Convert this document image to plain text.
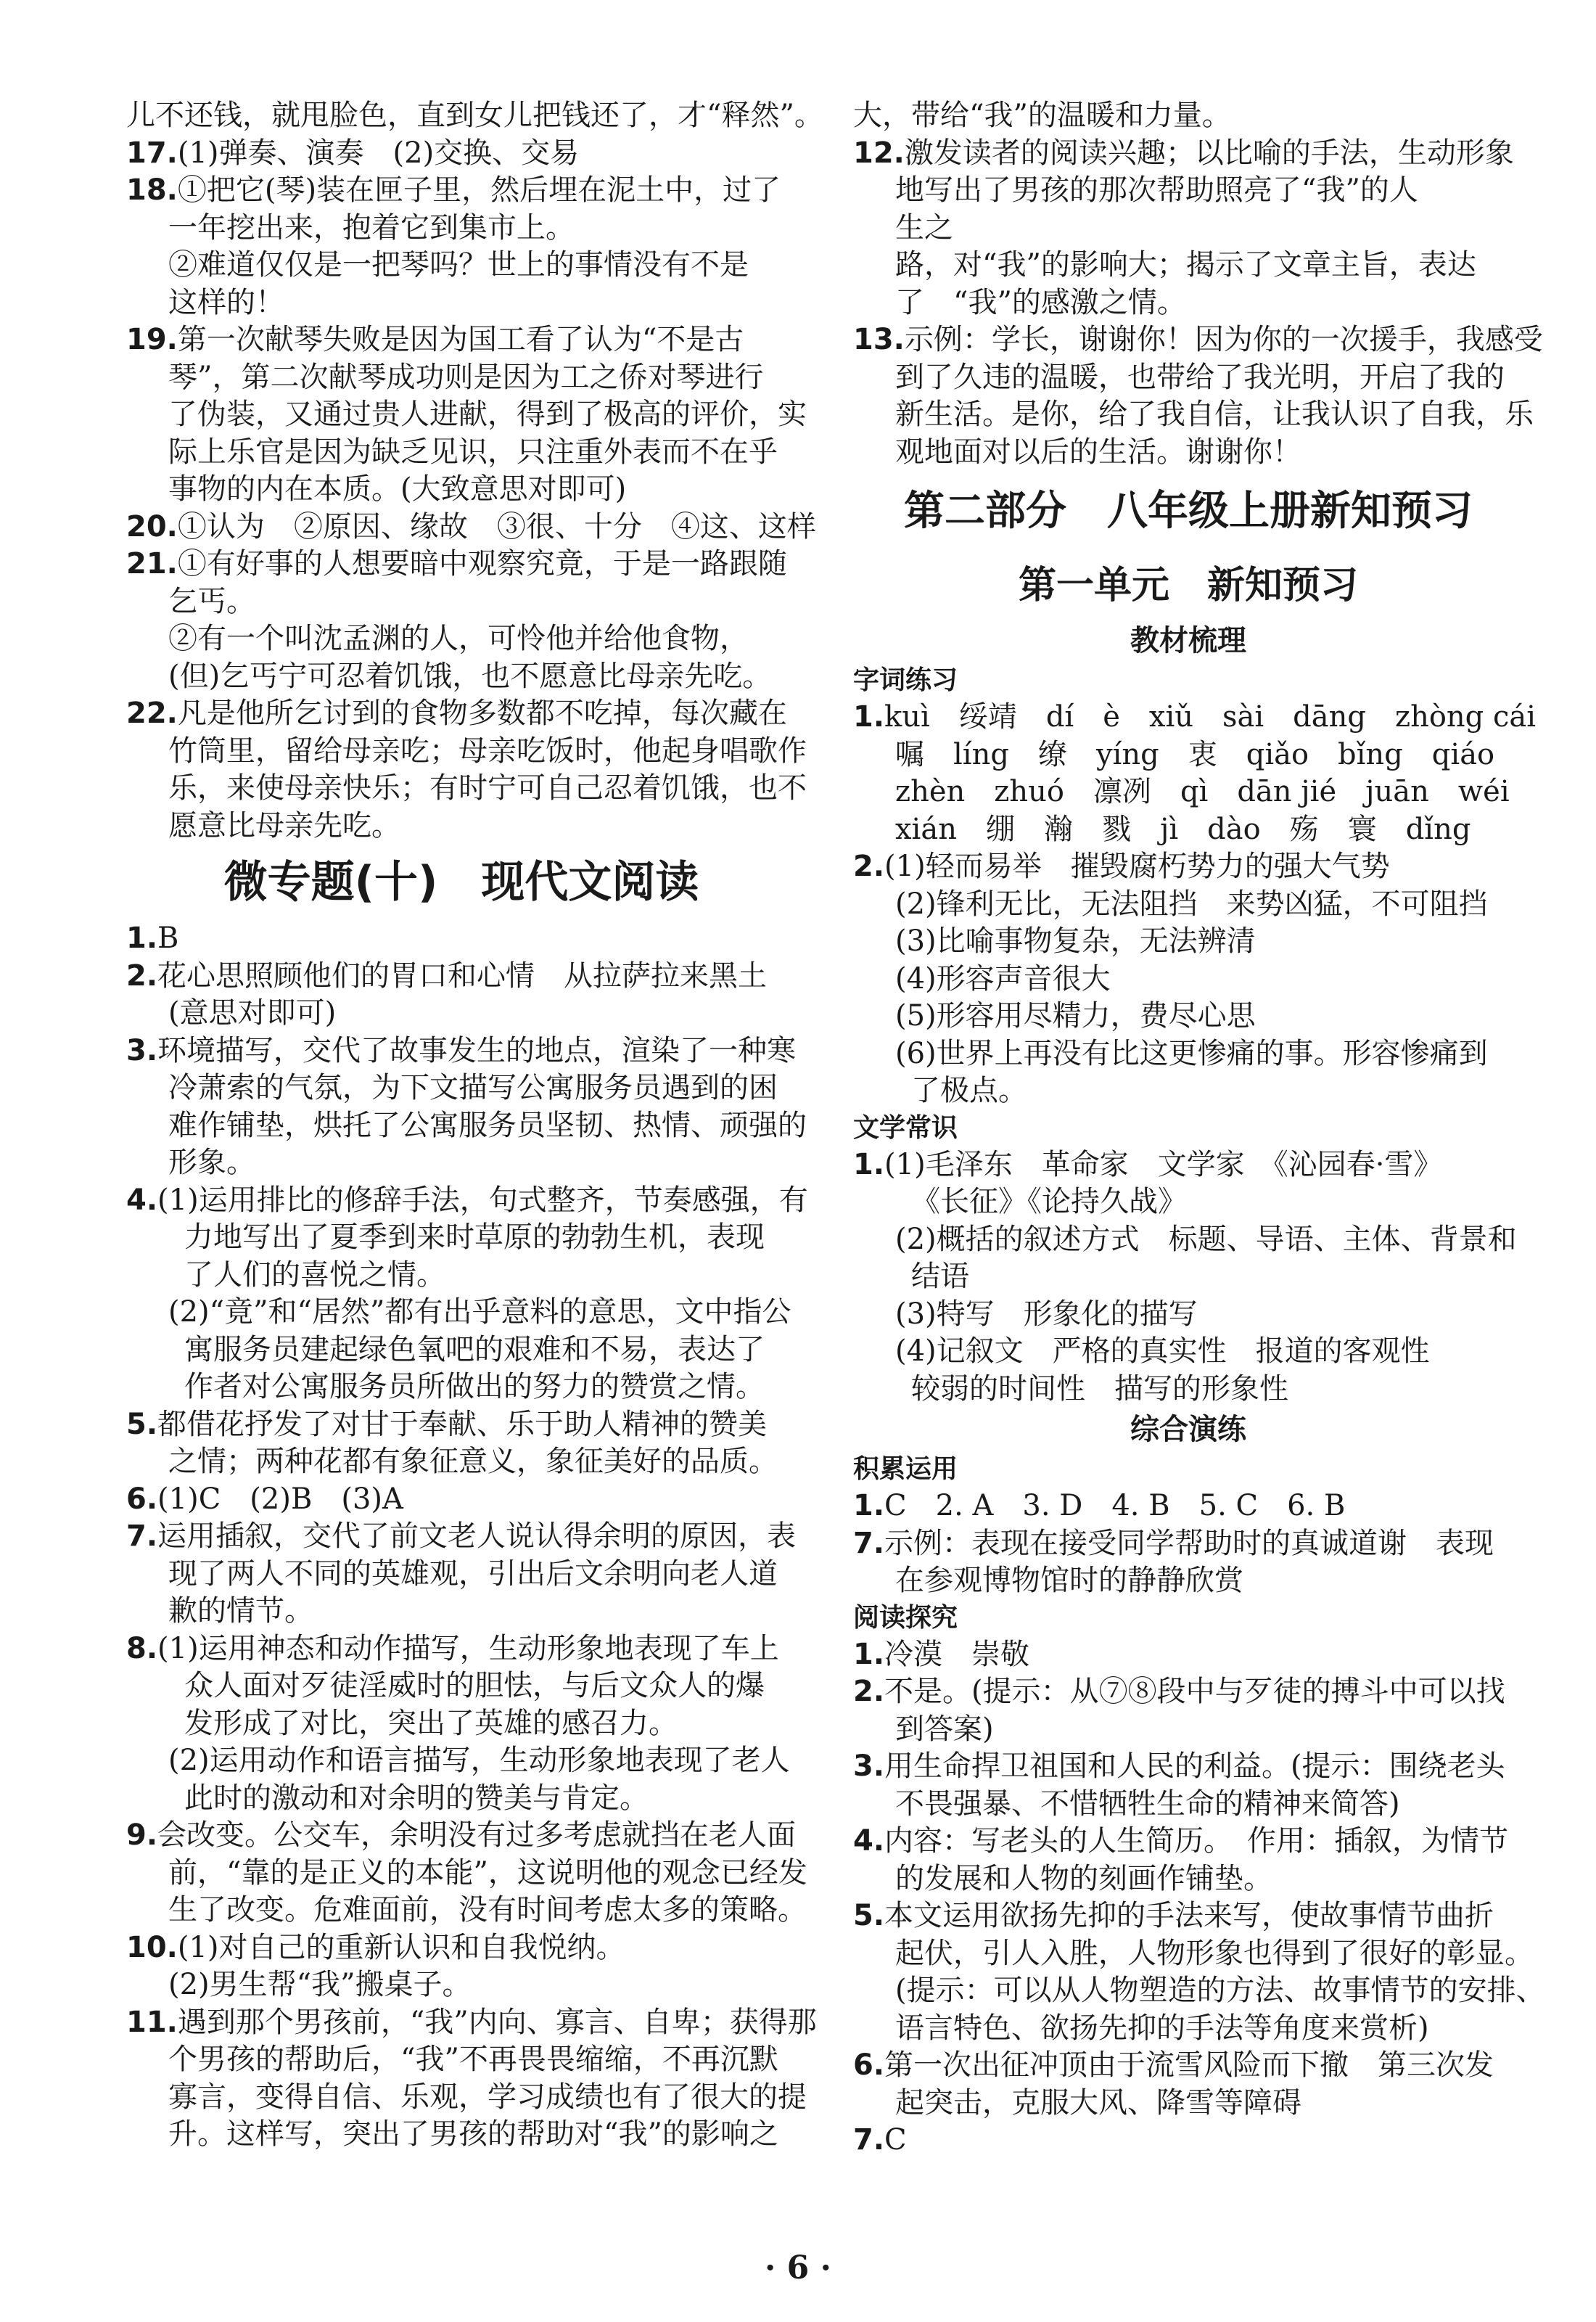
儿不还钱，就甩脸色，直到女儿把钱还了，才“释然”。
17.(1)弹奏、演奏　(2)交换、交易
18.①把它(琴)装在匣子里，然后埋在泥土中，过了
一年挖出来，抱着它到集市上。
②难道仅仅是一把琴吗？世上的事情没有不是
这样的！
19.第一次献琴失败是因为国工看了认为“不是古
琴”，第二次献琴成功则是因为工之侨对琴进行
了伪装，又通过贵人进献，得到了极高的评价，实
际上乐官是因为缺乏见识，只注重外表而不在乎
事物的内在本质。(大致意思对即可)
20.①认为　②原因、缘故　③很、十分　④这、这样
21.①有好事的人想要暗中观察究竟，于是一路跟随
乞丐。
②有一个叫沈孟渊的人，可怜他并给他食物，
(但)乞丐宁可忍着饥饿，也不愿意比母亲先吃。
22.凡是他所乞讨到的食物多数都不吃掉，每次藏在
竹筒里，留给母亲吃；母亲吃饭时，他起身唱歌作
乐，来使母亲快乐；有时宁可自己忍着饥饿，也不
愿意比母亲先吃。
微专题(十)　现代文阅读
1.B
2.花心思照顾他们的胃口和心情　从拉萨拉来黑土
(意思对即可)
3.环境描写，交代了故事发生的地点，渲染了一种寒
冷萧索的气氛，为下文描写公寓服务员遇到的困
难作铺垫，烘托了公寓服务员坚韧、热情、顽强的
形象。
4.(1)运用排比的修辞手法，句式整齐，节奏感强，有
力地写出了夏季到来时草原的勃勃生机，表现
了人们的喜悦之情。
(2)“竟”和“居然”都有出乎意料的意思，文中指公
寓服务员建起绿色氧吧的艰难和不易，表达了
作者对公寓服务员所做出的努力的赞赏之情。
5.都借花抒发了对甘于奉献、乐于助人精神的赞美
之情；两种花都有象征意义，象征美好的品质。
6.(1)C　(2)B　(3)A
7.运用插叙，交代了前文老人说认得余明的原因，表
现了两人不同的英雄观，引出后文余明向老人道
歉的情节。
8.(1)运用神态和动作描写，生动形象地表现了车上
众人面对歹徒淫威时的胆怯，与后文众人的爆
发形成了对比，突出了英雄的感召力。
(2)运用动作和语言描写，生动形象地表现了老人
此时的激动和对余明的赞美与肯定。
9.会改变。公交车，余明没有过多考虑就挡在老人面
前，“靠的是正义的本能”，这说明他的观念已经发
生了改变。危难面前，没有时间考虑太多的策略。
10.(1)对自己的重新认识和自我悦纳。
(2)男生帮“我”搬桌子。
11.遇到那个男孩前，“我”内向、寡言、自卑；获得那
个男孩的帮助后，“我”不再畏畏缩缩，不再沉默
寡言，变得自信、乐观，学习成绩也有了很大的提
升。这样写，突出了男孩的帮助对“我”的影响之
大，带给“我”的温暖和力量。
12.激发读者的阅读兴趣；以比喻的手法，生动形象
地写出了男孩的那次帮助照亮了“我”的人
生之
路，对“我”的影响大；揭示了文章主旨，表达
了　“我”的感激之情。
13.示例：学长，谢谢你！因为你的一次援手，我感受
到了久违的温暖，也带给了我光明，开启了我的
新生活。是你，给了我自信，让我认识了自我，乐
观地面对以后的生活。谢谢你！
第二部分　八年级上册新知预习
第一单元　新知预习
教材梳理
字词练习
1.kuì　绥靖　dí　è　xiǔ　sài　dāng　zhòng cái
嘱　líng　缭　yíng　衷　qiǎo　bǐng　qiáo
zhèn　zhuó　凛冽　qì　dān jié　juān　wéi
xián　绷　瀚　戮　jì　dào　殇　寰　dǐng
2.(1)轻而易举　摧毁腐朽势力的强大气势
(2)锋利无比，无法阻挡　来势凶猛，不可阻挡
(3)比喻事物复杂，无法辨清
(4)形容声音很大
(5)形容用尽精力，费尽心思
(6)世界上再没有比这更惨痛的事。形容惨痛到
了极点。
文学常识
1.(1)毛泽东　革命家　文学家　《沁园春·雪》
《长征》《论持久战》
(2)概括的叙述方式　标题、导语、主体、背景和
结语
(3)特写　形象化的描写
(4)记叙文　严格的真实性　报道的客观性
较弱的时间性　描写的形象性
综合演练
积累运用
1.C　2. A　3. D　4. B　5. C　6. B
7.示例：表现在接受同学帮助时的真诚道谢　表现
在参观博物馆时的静静欣赏
阅读探究
1.冷漠　崇敬
2.不是。(提示：从⑦⑧段中与歹徒的搏斗中可以找
到答案)
3.用生命捍卫祖国和人民的利益。(提示：围绕老头
不畏强暴、不惜牺牲生命的精神来简答)
4.内容：写老头的人生简历。　作用：插叙，为情节
的发展和人物的刻画作铺垫。
5.本文运用欲扬先抑的手法来写，使故事情节曲折
起伏，引人入胜，人物形象也得到了很好的彰显。
(提示：可以从人物塑造的方法、故事情节的安排、
语言特色、欲扬先抑的手法等角度来赏析)
6.第一次出征冲顶由于流雪风险而下撤　第三次发
起突击，克服大风、降雪等障碍
7.C
· 6 ·
